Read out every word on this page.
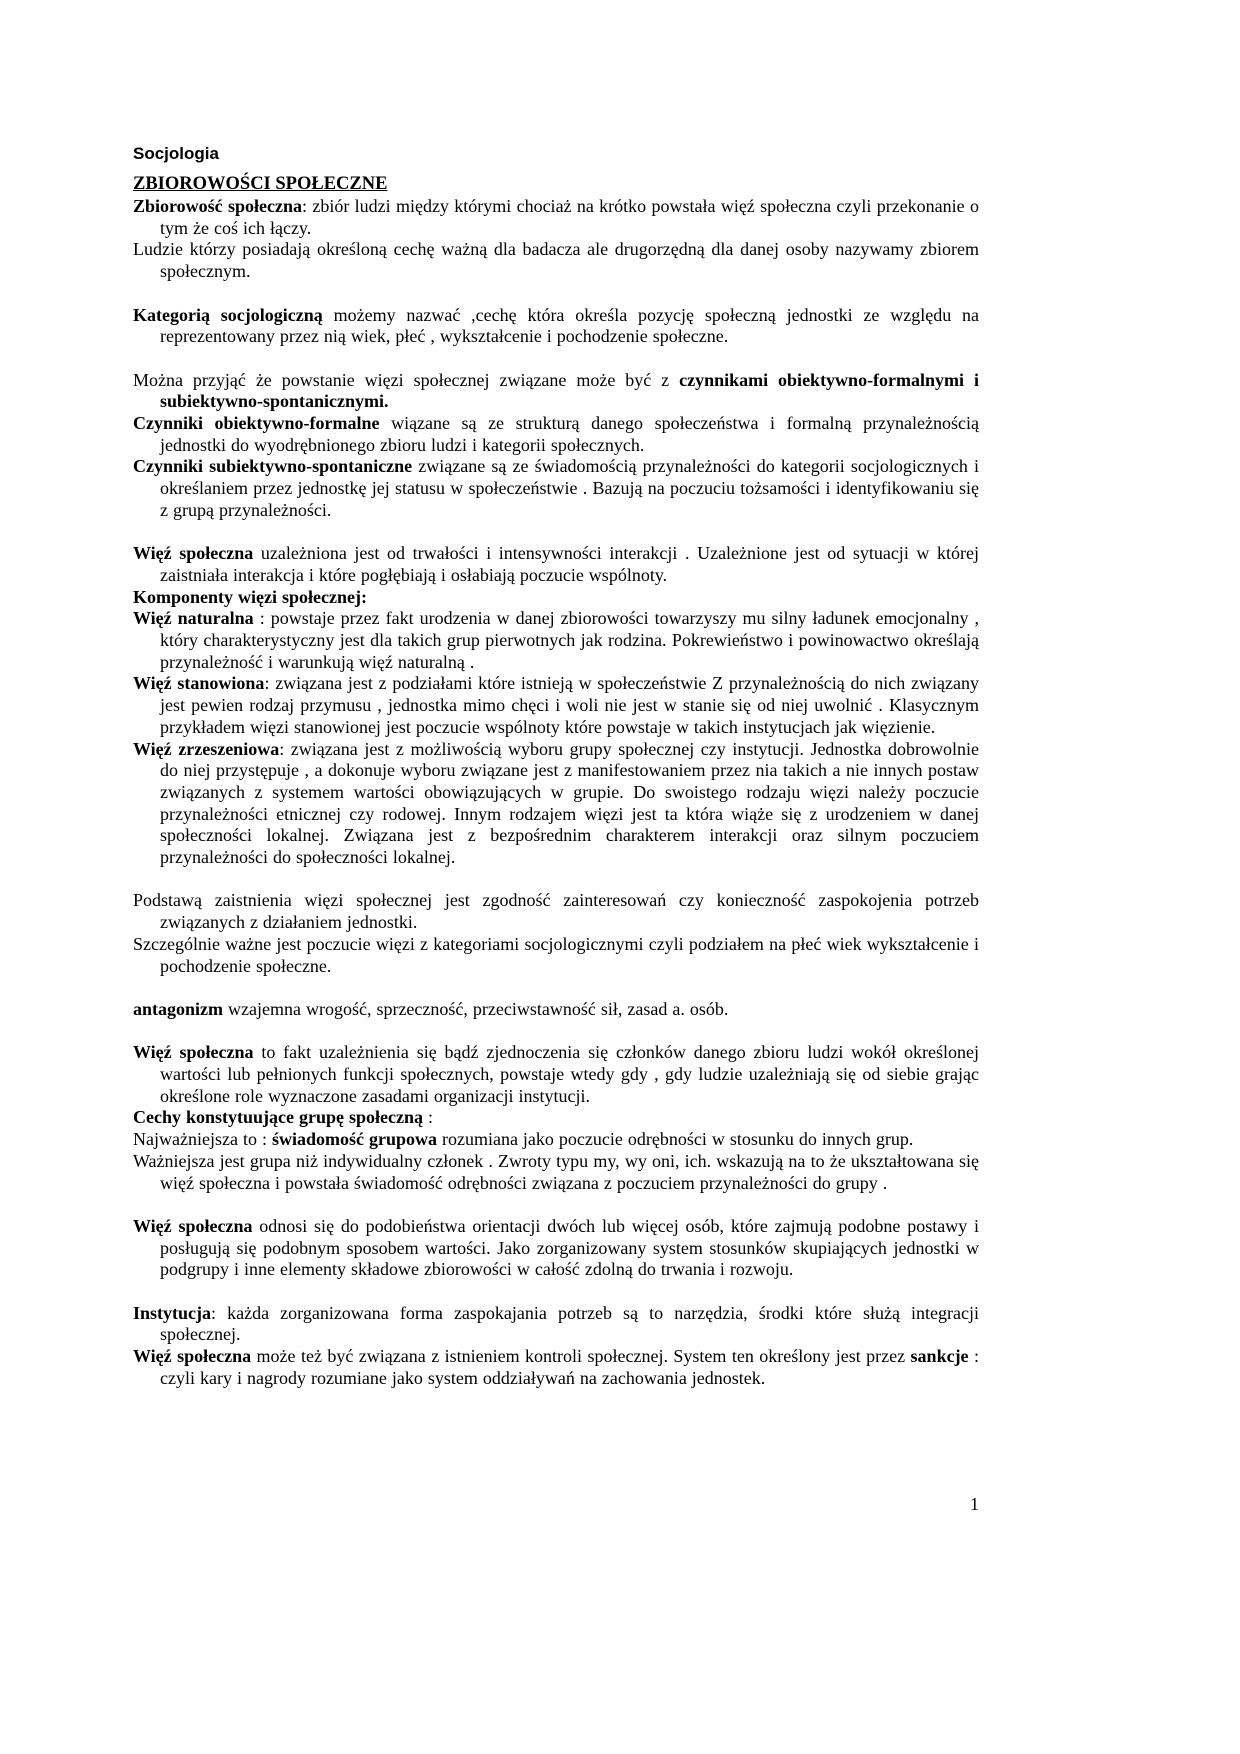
Socjologia
ZBIOROWOŚCI SPOŁECZNE

Zbiorowość społeczna: zbiór ludzi między którymi chociaż na krótko powstała więź społeczna czyli przekonanie o tym że coś ich łączy.

Ludzie którzy posiadają określoną cechę ważną dla badacza ale drugorzędną dla danej osoby nazywamy zbiorem społecznym.

Kategorią socjologiczną możemy nazwać ,cechę która określa pozycję społeczną jednostki ze względu na reprezentowany przez nią wiek, płeć , wykształcenie i pochodzenie społeczne.

Można przyjąć że powstanie więzi społecznej związane może być z czynnikami obiektywno-formalnymi i subiektywno-spontanicznymi.

Czynniki obiektywno-formalne wiązane są ze strukturą danego społeczeństwa i formalną przynależnością jednostki do wyodrębnionego zbioru ludzi i kategorii społecznych.

Czynniki subiektywno-spontaniczne związane są ze świadomością przynależności do kategorii socjologicznych i określaniem przez jednostkę jej statusu w społeczeństwie . Bazują na poczuciu tożsamości i identyfikowaniu się z grupą przynależności.

Więź społeczna uzależniona jest od trwałości i intensywności interakcji . Uzależnione jest od sytuacji w której zaistniała interakcja i które pogłębiają i osłabiają poczucie wspólnoty.

Komponenty więzi społecznej:

Więź naturalna : powstaje przez fakt urodzenia w danej zbiorowości towarzyszy mu silny ładunek emocjonalny , który charakterystyczny jest dla takich grup pierwotnych jak rodzina. Pokrewieństwo i powinowactwo określają przynależność i warunkują więź naturalną .

Więź stanowiona: związana jest z podziałami które istnieją w społeczeństwie Z przynależnością do nich związany jest pewien rodzaj przymusu , jednostka mimo chęci i woli nie jest w stanie się od niej uwolnić . Klasycznym przykładem więzi stanowionej jest poczucie wspólnoty które powstaje w takich instytucjach jak więzienie.

Więź zrzeszeniowa: związana jest z możliwością wyboru grupy społecznej czy instytucji. Jednostka dobrowolnie do niej przystępuje , a dokonuje wyboru związane jest z manifestowaniem przez nia takich a nie innych postaw związanych z systemem wartości obowiązujących w grupie. Do swoistego rodzaju więzi należy poczucie przynależności etnicznej czy rodowej. Innym rodzajem więzi jest ta która wiąże się z urodzeniem w danej społeczności lokalnej. Związana jest z bezpośrednim charakterem interakcji oraz silnym poczuciem przynależności do społeczności lokalnej.

Podstawą zaistnienia więzi społecznej jest zgodność zainteresowań czy konieczność zaspokojenia potrzeb związanych z działaniem jednostki.

Szczególnie ważne jest poczucie więzi z kategoriami socjologicznymi czyli podziałem na płeć wiek wykształcenie i pochodzenie społeczne.

antagonizm wzajemna wrogość, sprzeczność, przeciwstawność sił, zasad a. osób.

Więź społeczna to fakt uzależnienia się bądź zjednoczenia się członków danego zbioru ludzi wokół określonej wartości lub pełnionych funkcji społecznych, powstaje wtedy gdy , gdy ludzie uzależniają się od siebie grając określone role wyznaczone zasadami organizacji instytucji.

Cechy konstytuujące grupę społeczną :

Najważniejsza to : świadomość grupowa rozumiana jako poczucie odrębności w stosunku do innych grup.

Ważniejsza jest grupa niż indywidualny członek . Zwroty typu my, wy oni, ich. wskazują na to że ukształtowana się więź społeczna i powstała świadomość odrębności związana z poczuciem przynależności do grupy .

Więź społeczna odnosi się do podobieństwa orientacji dwóch lub więcej osób, które zajmują podobne postawy i posługują się podobnym sposobem wartości. Jako zorganizowany system stosunków skupiających jednostki w podgrupy i inne elementy składowe zbiorowości w całość zdolną do trwania i rozwoju.

Instytucja: każda zorganizowana forma zaspokajania potrzeb są to narzędzia, środki które służą integracji społecznej.

Więź społeczna może też być związana z istnieniem kontroli społecznej. System ten określony jest przez sankcje : czyli kary i nagrody rozumiane jako system oddziaływań na zachowania jednostek.

1
